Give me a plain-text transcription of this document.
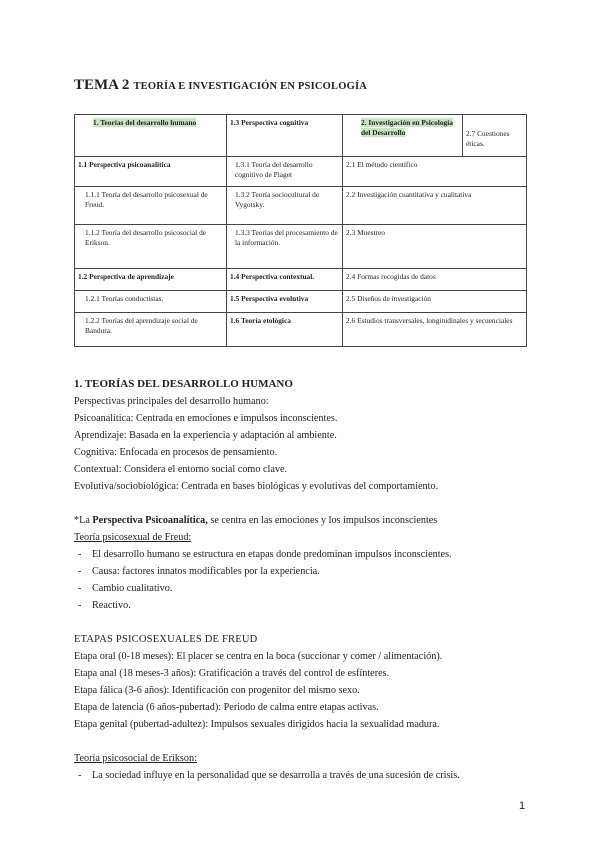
TEMA 2 TEORÍA E INVESTIGACIÓN EN PSICOLOGÍA
1. Teorías del desarrollo humano	1.3 Perspectiva cognitiva	2. Investigación en Psicología del Desarrollo	2.7 Cuestiones éticas.
1.1 Perspectiva psicoanalítica	1.3.1 Teoría del desarrollo cognitivo de Piaget	2.1 El método científico	
1.1.1 Teoría del desarrollo psicosexual de Freud.	1.3.2 Teoría sociocultural de Vygotsky.	2.2 Investigación cuantitativa y cualitativa	
1.1.2 Teoría del desarrollo psicosocial de Erikson.	1.3.3 Teorías del procesamiento de la información.	2.3 Muestreo	
1.2 Perspectiva de aprendizaje	1.4 Perspectiva contextual.	2.4 Formas recogidas de datos	
1.2.1 Teorías conductistas.	1.5 Perspectiva evolutiva	2.5 Diseños de investigación	
1.2.2 Teorías del aprendizaje social de Bandura.	1.6 Teoría etológica	2.6 Estudios transversales, longitudinales y secuenciales	

1. TEORÍAS DEL DESARROLLO HUMANO

Perspectivas principales del desarrollo humano:

Psicoanalítica: Centrada en emociones e impulsos inconscientes.

Aprendizaje: Basada en la experiencia y adaptación al ambiente.

Cognitiva: Enfocada en procesos de pensamiento.

Contextual: Considera el entorno social como clave.

Evolutiva/sociobiológica: Centrada en bases biológicas y evolutivas del comportamiento.

*La Perspectiva Psicoanalítica, se centra en las emociones y los impulsos inconscientes

Teoría psicosexual de Freud:

- El desarrollo humano se estructura en etapas donde predominan impulsos inconscientes.

- Causa: factores innatos modificables por la experiencia.

- Cambio cualitativo.

- Reactivo.

ETAPAS PSICOSEXUALES DE FREUD

Etapa oral (0-18 meses): El placer se centra en la boca (succionar y comer / alimentación).

Etapa anal (18 meses-3 años): Gratificación a través del control de esfínteres.

Etapa fálica (3-6 años): Identificación con progenitor del mismo sexo.

Etapa de latencia (6 años-pubertad): Periodo de calma entre etapas activas.

Etapa genital (pubertad-adultez): Impulsos sexuales dirigidos hacia la sexualidad madura.

Teoría psicosocial de Erikson:

- La sociedad influye en la personalidad que se desarrolla a través de una sucesión de crisis.

1
